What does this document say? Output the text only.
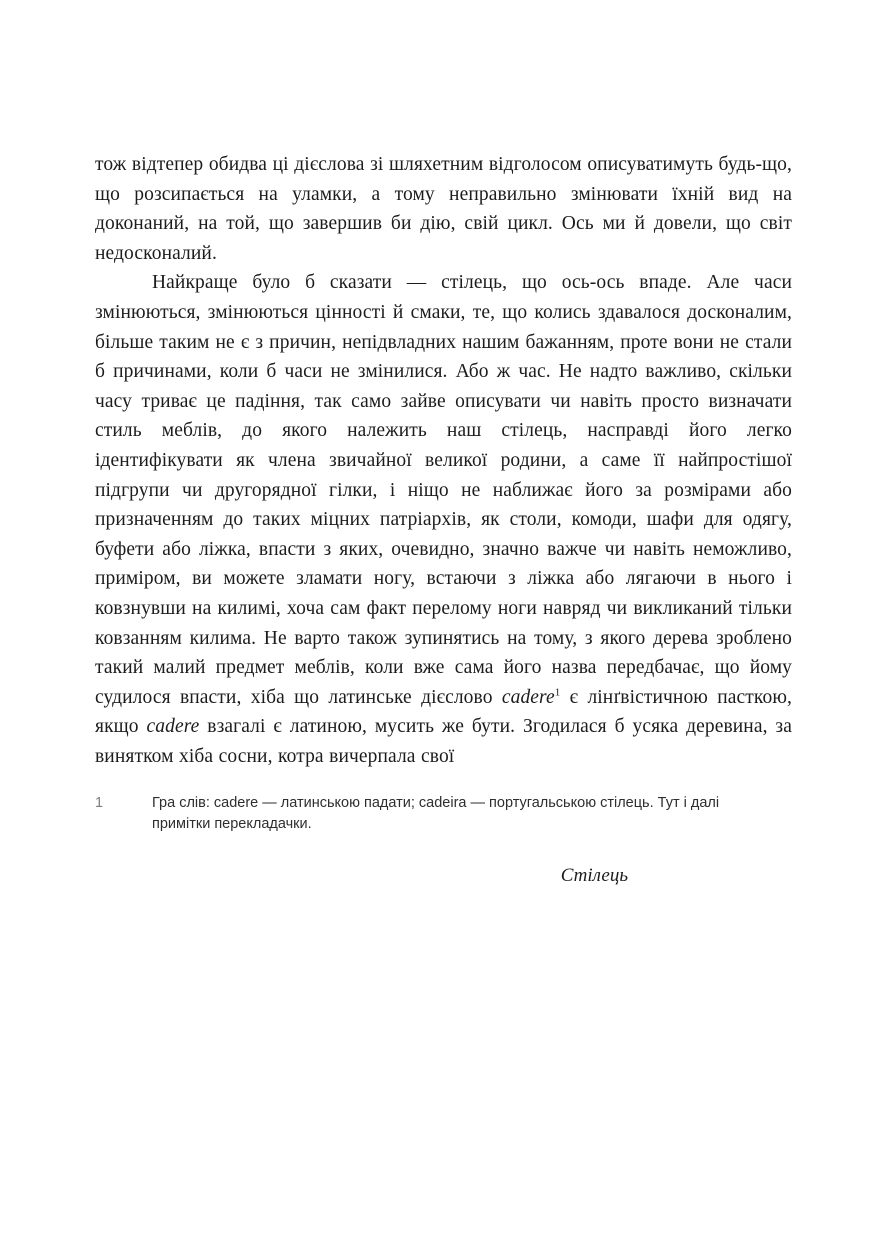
тож відтепер обидва ці дієслова зі шляхетним відголосом описуватимуть будь-що, що розсипається на уламки, а тому неправильно змінювати їхній вид на доконаний, на той, що завершив би дію, свій цикл. Ось ми й довели, що світ недосконалий.

Найкраще було б сказати — стілець, що ось-ось впаде. Але часи змінюються, змінюються цінності й смаки, те, що колись здавалося досконалим, більше таким не є з причин, непідвладних нашим бажанням, проте вони не стали б причинами, коли б часи не змінилися. Або ж час. Не надто важливо, скільки часу триває це падіння, так само зайве описувати чи навіть просто визначати стиль меблів, до якого належить наш стілець, насправді його легко ідентифікувати як члена звичайної великої родини, а саме її найпростішої підгрупи чи другорядної гілки, і ніщо не наближає його за розмірами або призначенням до таких міцних патріархів, як столи, комоди, шафи для одягу, буфети або ліжка, впасти з яких, очевидно, значно важче чи навіть неможливо, приміром, ви можете зламати ногу, встаючи з ліжка або лягаючи в нього і ковзнувши на килимі, хоча сам факт перелому ноги навряд чи викликаний тільки ковзанням килима. Не варто також зупинятись на тому, з якого дерева зроблено такий малий предмет меблів, коли вже сама його назва передбачає, що йому судилося впасти, хіба що латинське дієслово cadere$^1$ є лінґвістичною пасткою, якщо cadere взагалі є латиною, мусить же бути. Згодилася б усяка деревина, за винятком хіба сосни, котра вичерпала свої

1	Гра слів: cadere — латинською падати; cadeira — португальською стілець. Тут і далі примітки перекладачки.
Стілець
